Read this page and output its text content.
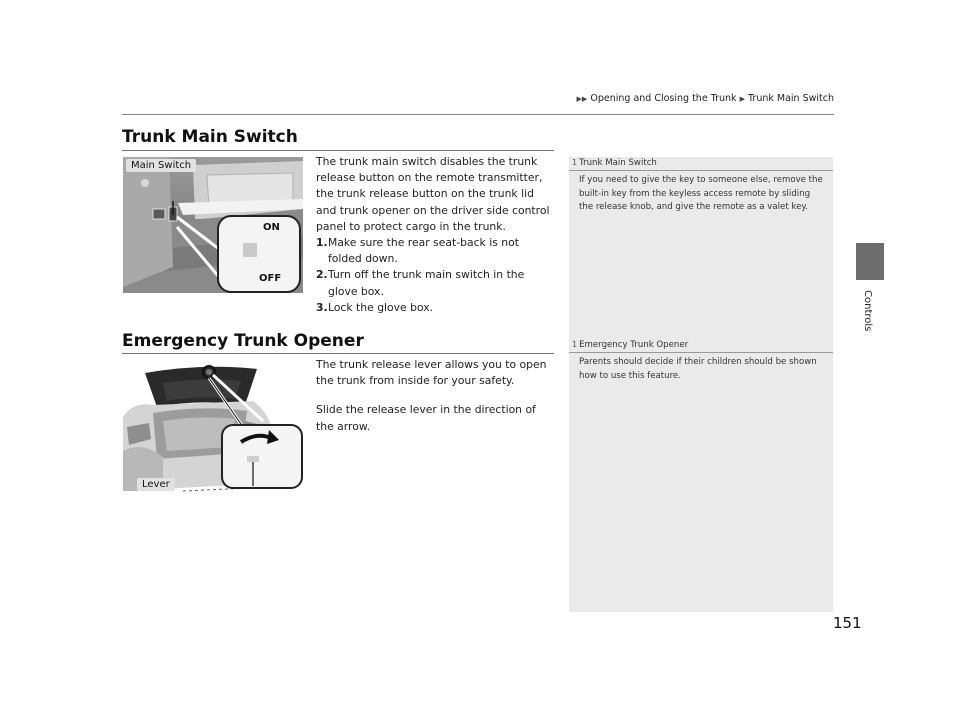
▶▶ Opening and Closing the Trunk ▶ Trunk Main Switch
Controls
Trunk Main Switch
ON
OFF
Main Switch	The trunk main switch disables the trunk release button on the remote transmitter, the trunk release button on the trunk lid and trunk opener on the driver side control panel to protect cargo in the trunk.

1. Make sure the rear seat-back is not folded down.
2. Turn off the trunk main switch in the glove box.
3. Lock the glove box.
1 Trunk Main Switch
If you need to give the key to someone else, remove the built-in key from the keyless access remote by sliding the release knob, and give the remote as a valet key.
Emergency Trunk Opener
Lever

The trunk release lever allows you to open the trunk from inside for your safety.

Slide the release lever in the direction of the arrow.

1 Emergency Trunk Opener
Parents should decide if their children should be shown how to use this feature.
151
